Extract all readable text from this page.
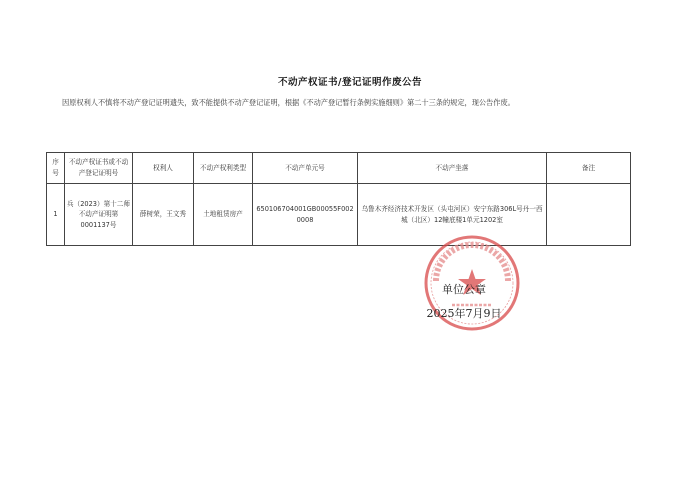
不动产权证书/登记证明作废公告
因原权利人不慎将不动产登记证明遗失，致不能提供不动产登记证明，根据《不动产登记暂行条例实施细则》第二十三条的规定，现公告作废。
序号	不动产权证书或不动产登记证明号	权利人	不动产权利类型	不动产单元号	不动产坐落	备注
1	兵（2023）第十二师不动产证明第0001137号	薛树荣，王文秀	土地租赁房产	650106704001GB00055F0020008	乌鲁木齐经济技术开发区（头屯河区）安宁东路306L号丹一西城（北区）12幢底楼1单元1202室	
单位公章
2025年7月9日
